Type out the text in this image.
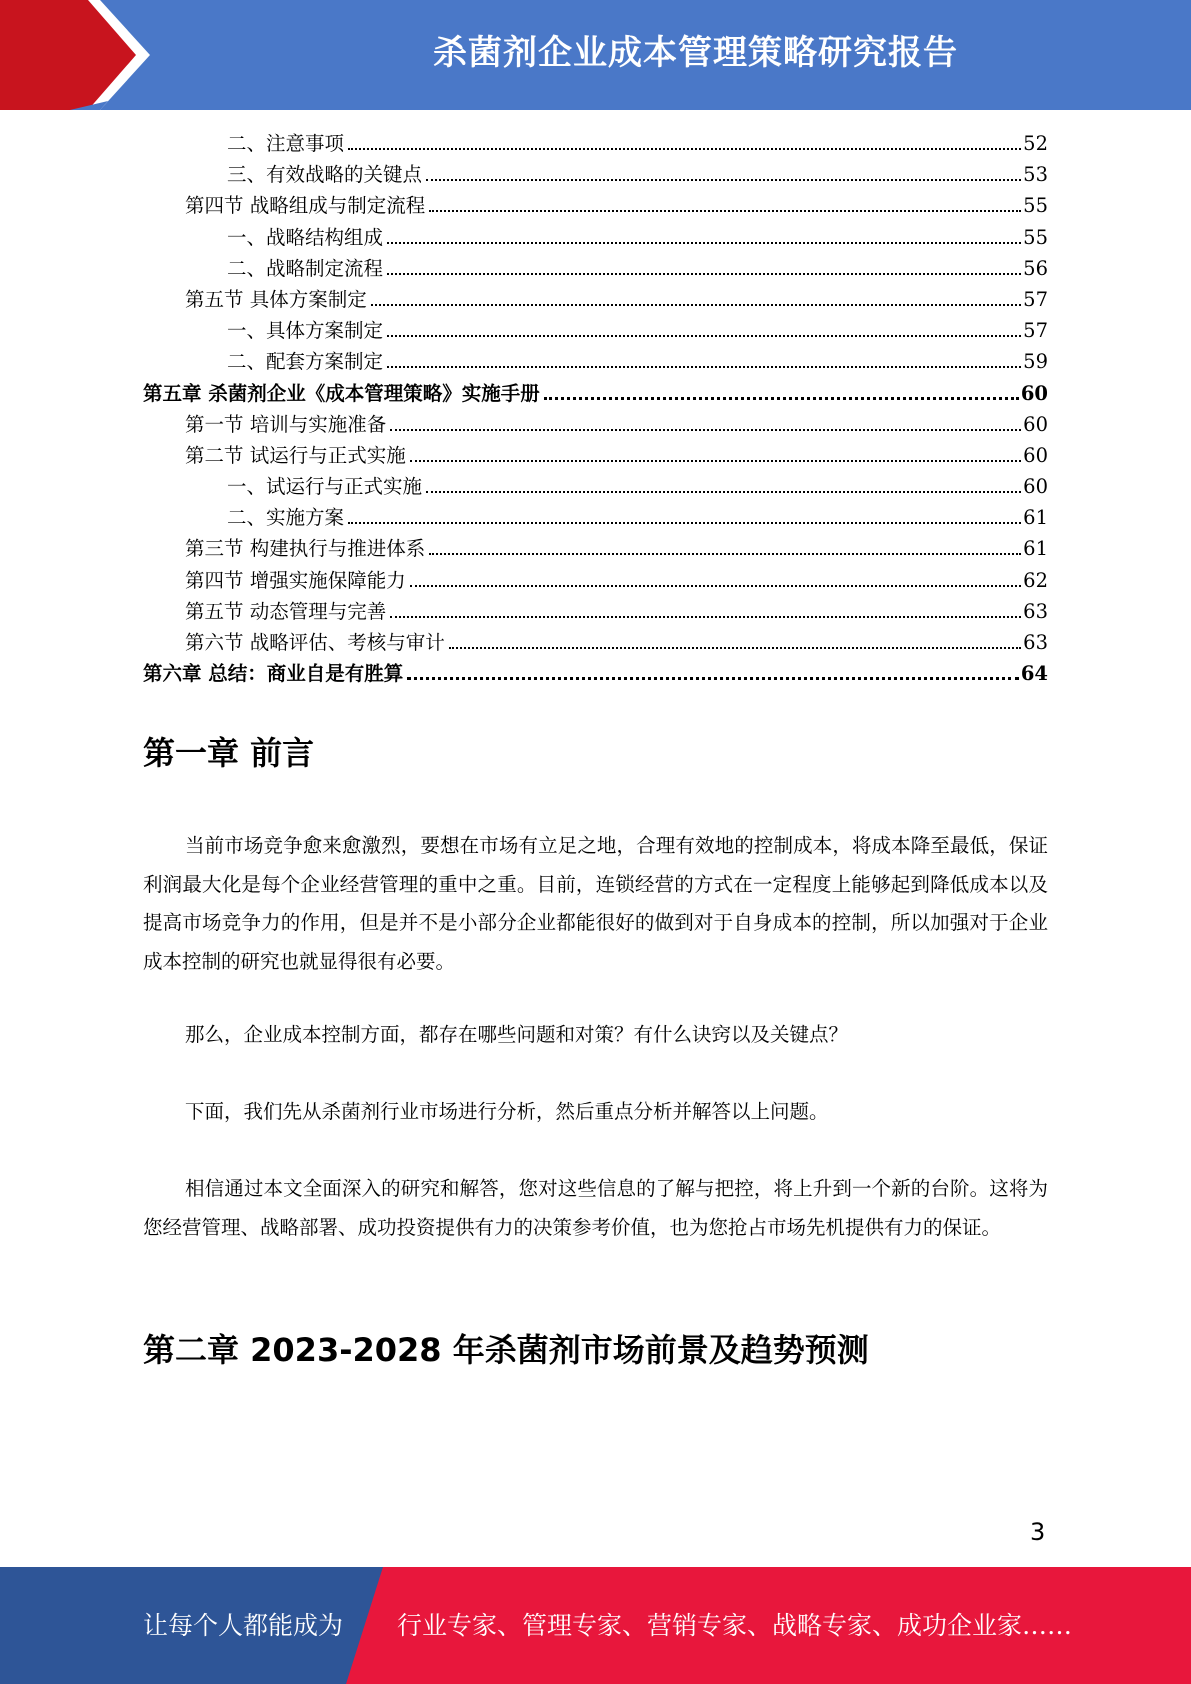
杀菌剂企业成本管理策略研究报告
二、注意事项	52
三、有效战略的关键点	53
第四节 战略组成与制定流程	55
一、战略结构组成	55
二、战略制定流程	56
第五节 具体方案制定	57
一、具体方案制定	57
二、配套方案制定	59
第五章 杀菌剂企业《成本管理策略》实施手册	60
第一节 培训与实施准备	60
第二节 试运行与正式实施	60
一、试运行与正式实施	60
二、实施方案	61
第三节 构建执行与推进体系	61
第四节 增强实施保障能力	62
第五节 动态管理与完善	63
第六节 战略评估、考核与审计	63
第六章 总结：商业自是有胜算	64
第一章 前言

当前市场竞争愈来愈激烈，要想在市场有立足之地，合理有效地的控制成本，将成本降至最低，保证利润最大化是每个企业经营管理的重中之重。目前，连锁经营的方式在一定程度上能够起到降低成本以及提高市场竞争力的作用，但是并不是小部分企业都能很好的做到对于自身成本的控制，所以加强对于企业成本控制的研究也就显得很有必要。

那么，企业成本控制方面，都存在哪些问题和对策？有什么诀窍以及关键点？

下面，我们先从杀菌剂行业市场进行分析，然后重点分析并解答以上问题。

相信通过本文全面深入的研究和解答，您对这些信息的了解与把控，将上升到一个新的台阶。这将为您经营管理、战略部署、成功投资提供有力的决策参考价值，也为您抢占市场先机提供有力的保证。

第二章 2023-2028 年杀菌剂市场前景及趋势预测
3
让每个人都能成为 行业专家、管理专家、营销专家、战略专家、成功企业家……
